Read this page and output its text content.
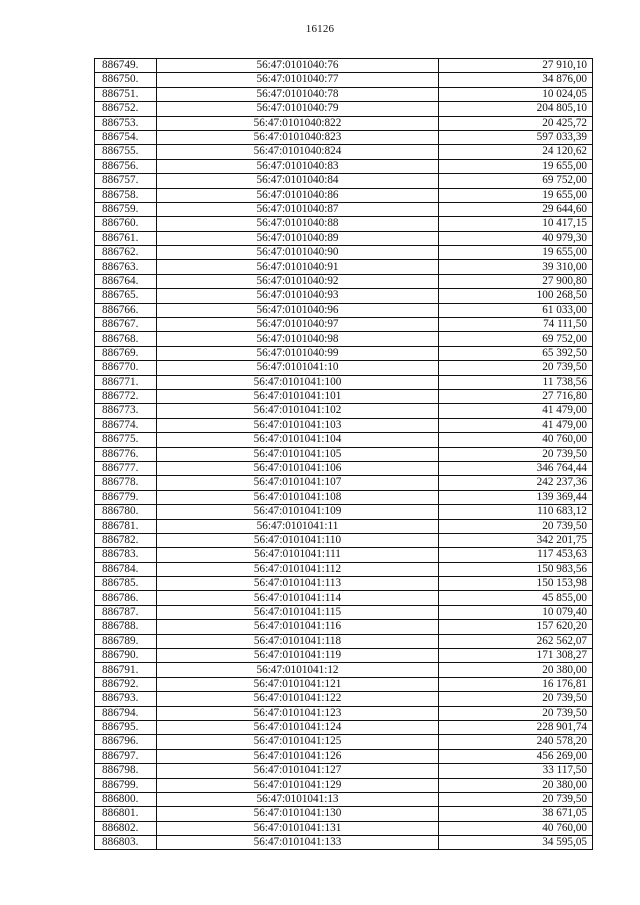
16126
886749.	56:47:0101040:76	27 910,10
886750.	56:47:0101040:77	34 876,00
886751.	56:47:0101040:78	10 024,05
886752.	56:47:0101040:79	204 805,10
886753.	56:47:0101040:822	20 425,72
886754.	56:47:0101040:823	597 033,39
886755.	56:47:0101040:824	24 120,62
886756.	56:47:0101040:83	19 655,00
886757.	56:47:0101040:84	69 752,00
886758.	56:47:0101040:86	19 655,00
886759.	56:47:0101040:87	29 644,60
886760.	56:47:0101040:88	10 417,15
886761.	56:47:0101040:89	40 979,30
886762.	56:47:0101040:90	19 655,00
886763.	56:47:0101040:91	39 310,00
886764.	56:47:0101040:92	27 900,80
886765.	56:47:0101040:93	100 268,50
886766.	56:47:0101040:96	61 033,00
886767.	56:47:0101040:97	74 111,50
886768.	56:47:0101040:98	69 752,00
886769.	56:47:0101040:99	65 392,50
886770.	56:47:0101041:10	20 739,50
886771.	56:47:0101041:100	11 738,56
886772.	56:47:0101041:101	27 716,80
886773.	56:47:0101041:102	41 479,00
886774.	56:47:0101041:103	41 479,00
886775.	56:47:0101041:104	40 760,00
886776.	56:47:0101041:105	20 739,50
886777.	56:47:0101041:106	346 764,44
886778.	56:47:0101041:107	242 237,36
886779.	56:47:0101041:108	139 369,44
886780.	56:47:0101041:109	110 683,12
886781.	56:47:0101041:11	20 739,50
886782.	56:47:0101041:110	342 201,75
886783.	56:47:0101041:111	117 453,63
886784.	56:47:0101041:112	150 983,56
886785.	56:47:0101041:113	150 153,98
886786.	56:47:0101041:114	45 855,00
886787.	56:47:0101041:115	10 079,40
886788.	56:47:0101041:116	157 620,20
886789.	56:47:0101041:118	262 562,07
886790.	56:47:0101041:119	171 308,27
886791.	56:47:0101041:12	20 380,00
886792.	56:47:0101041:121	16 176,81
886793.	56:47:0101041:122	20 739,50
886794.	56:47:0101041:123	20 739,50
886795.	56:47:0101041:124	228 901,74
886796.	56:47:0101041:125	240 578,20
886797.	56:47:0101041:126	456 269,00
886798.	56:47:0101041:127	33 117,50
886799.	56:47:0101041:129	20 380,00
886800.	56:47:0101041:13	20 739,50
886801.	56:47:0101041:130	38 671,05
886802.	56:47:0101041:131	40 760,00
886803.	56:47:0101041:133	34 595,05
